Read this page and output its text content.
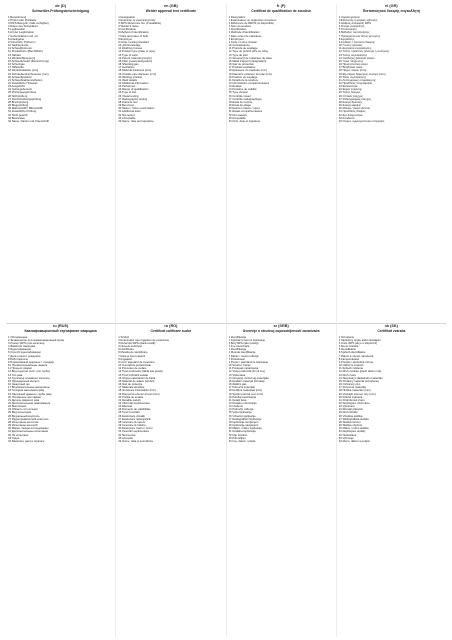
de (D)
Schweißer-Prüfungsbescheinigung
1 Bezeichnung
2 Prüfer oder Prüfstelle
3 WPS Beleg-Nr. (falls verfügbar)
4 Name des Schweißers
5 Legitimation
6 Art der Legitimation
7 Geburtsdatum und -ort
8 Arbeitgeber
9 Vorschrift / Prüfnorm
10 Sachkenntnis
11 Schweißprozess
12 Produktform (Blech/Rohr)
13 Nahtart
14 Werkstoffgruppe(n)
15 Schweißzusatz (Bezeichnung)
16 Schutzgas
17 Hilfsstoffe
18 Werkstückdicke (mm)
19 Rohraußendurchmesser (mm)
20 Schweißposition
21 Schweißnahteinzelheiten
22 Zusätzliche Hinweise
23 Ausgeführt
24 Geltungsbereich
25 Prüfungsergebnisse
26 Sichtprüfung
27 Durchstrahlungsprüfung
28 Bruchprüfung
29 Biegeprüfung
30 Makroschliff / Mikroschliff
31 Zusätzliche Prüfung
32 Nicht geprüft
33 Bestanden
34 Name, Datum und Unterschrift
en (GB)
Welder approval test certificate
1 Designation
2 Examiner or examining body
3 WPS Reference No. (if available)
4 Welder's name
5 Identification
6 Method of identification
7 Date and place of birth
8 Employer
9 Code / testing standard
10 Job knowledge
11 Welding process
12 Product type (plate or pipe)
13 Type of weld
14 Parent material group(s)
15 Filler metal (designation)
16 Shielding gas
17 Auxiliaries
18 Material thickness (mm)
19 Outside pipe diameter (mm)
20 Welding position
21 Weld details
22 Additional information
23 Performed
24 Range of qualification
25 Type of test
26 Visual testing
27 Radiographic testing
28 Fracture test
29 Bend test
30 Macro / micro examination
31 Additional tests
32 Not tested
33 Acceptable
34 Name, date and signature
fr (F)
Certificat de qualification de soudeur
1 Désignation
2 Examinateur ou organisme d'examen
3 Référence du DMOS (si disponible)
4 Nom du soudeur
5 Identification
6 Méthode d'identification
7 Date et lieu de naissance
8 Employeur
9 Code / norme d'essai
10 Connaissance
11 Procédé de soudage
12 Type de produit (tôle ou tube)
13 Type de joint
14 Groupe(s) de matériaux de base
15 Métal d'apport (désignation)
16 Gaz de protection
17 Produits auxiliaires
18 Épaisseur du matériau (mm)
19 Diamètre extérieur du tube (mm)
20 Position de soudage
21 Détails de la soudure
22 Informations complémentaires
23 Réalisé
24 Domaine de validité
25 Type d'essai
26 Contrôle visuel
27 Contrôle radiographique
28 Essai de rupture
29 Essai de pliage
30 Examen macro / micro
31 Essais complémentaires
32 Non essayé
33 Acceptable
34 Nom, date et signature
el (GR)
Πιστοποιητικό δοκιμής συγκολλητή
1 Χαρακτηρισμός
2 Εξεταστής ή φορέας εξέτασης
3 Αριθμός αναφοράς WPS
4 Όνομα συγκολλητή
5 Ταυτοποίηση
6 Μέθοδος ταυτοποίησης
7 Ημερομηνία και τόπος γέννησης
8 Εργοδότης
9 Κώδικας / πρότυπο δοκιμής
10 Γνώση εργασίας
11 Διεργασία συγκόλλησης
12 Τύπος προϊόντος (έλασμα ή σωλήνας)
13 Τύπος συγκόλλησης
14 Ομάδα(ες) βασικού υλικού
15 Υλικό πλήρωσης
16 Προστατευτικό αέριο
17 Βοηθητικά υλικά
18 Πάχος υλικού (mm)
19 Εξωτερική διάμετρος σωλήνα (mm)
20 Θέση συγκόλλησης
21 Λεπτομέρειες συγκόλλησης
22 Πρόσθετες πληροφορίες
23 Εκτελέστηκε
24 Εύρος έγκρισης
25 Τύπος δοκιμής
26 Οπτικός έλεγχος
27 Ραδιογραφικός έλεγχος
28 Δοκιμή θραύσης
29 Δοκιμή κάμψης
30 Μακρο / μικρο εξέταση
31 Πρόσθετες δοκιμές
32 Δεν δοκιμάστηκε
33 Αποδεκτό
34 Όνομα, ημερομηνία και υπογραφή
ru (RUS)
Квалификационный сертификат сварщика
1 Обозначение
2 Экзаменатор или экзаменационный орган
3 Номер WPS (при наличии)
4 Фамилия сварщика
5 Идентификация
6 Способ идентификации
7 Дата и место рождения
8 Работодатель
9 Нормативный документ / стандарт
10 Профессиональные знания
11 Процесс сварки
12 Вид изделия (лист или труба)
13 Тип шва
14 Группа(ы) основного металла
15 Присадочный металл
16 Защитный газ
17 Вспомогательные материалы
18 Толщина материала (мм)
19 Наружный диаметр трубы (мм)
20 Положение при сварке
21 Детали сварного шва
22 Дополнительная информация
23 Выполнено
24 Область аттестации
25 Вид испытания
26 Визуальный контроль
27 Радиографический контроль
28 Испытание на излом
29 Испытание на изгиб
30 Макро / микро исследование
31 Дополнительные испытания
32 Не испытано
33 Годен
34 Фамилия, дата и подпись
ro (RO)
Certificat calificare sudor
1 Simbol
2 Examinator sau organism de examinare
3 Referința WPS (dacă există)
4 Numele sudorului
5 Identificare
6 Metoda de identificare
7 Data și locul nașterii
8 Angajator
9 Cod / standard de încercare
10 Cunoștințe profesionale
11 Procedeu de sudare
12 Tipul produsului (tablă sau țeavă)
13 Tipul îmbinării sudate
14 Grupa materialului de bază
15 Material de adaos (simbol)
16 Gaz de protecție
17 Materiale auxiliare
18 Grosimea materialului (mm)
19 Diametrul exterior al țevii (mm)
20 Poziția de sudare
21 Detaliile sudurii
22 Informații suplimentare
23 Efectuat
24 Domeniu de valabilitate
25 Tipul încercării
26 Examinare vizuală
27 Examinare radiografică
28 Încercare la rupere
29 Încercare la îndoire
30 Examinare macro / micro
31 Încercări suplimentare
32 Neîncercat
33 Acceptat
34 Nume, data și semnătura
sr (SRB)
Uverenje o stručnoj osposobljenosti zavarivača
1 Identifikacija
2 Ispitivač ili telo za ispitivanje
3 Broj WPS (ako postoji)
4 Ime zavarivača
5 Identifikacija
6 Metoda identifikacije
7 Datum i mesto rođenja
8 Poslodavac
9 Propis / standard za ispitivanje
10 Stručno znanje
11 Postupak zavarivanja
12 Vrsta proizvoda (lim ili cev)
13 Vrsta šava
14 Grupa(e) osnovnog materijala
15 Dodatni materijal (oznaka)
16 Zaštitni gas
17 Pomoćni materijali
18 Debljina materijala (mm)
19 Spoljni prečnik cevi (mm)
20 Položaj zavarivanja
21 Detalji šava
22 Dodatne informacije
23 Urađeno
24 Područje važenja
25 Vrsta ispitivanja
26 Vizuelno ispitivanje
27 Radiografsko ispitivanje
28 Ispitivanje lomljenjem
29 Ispitivanje savijanjem
30 Makro / mikro ispitivanje
31 Dodatna ispitivanja
32 Nije ispitano
33 Prihvatljivo
34 Ime, datum i potpis
sk (SK)
Certifikát zvárača
1 Označenie
2 Skúšobný orgán alebo skúšajúci
3 Číslo WPS (ak je k dispozícii)
4 Meno zvárača
5 Identifikácia
6 Spôsob identifikácie
7 Dátum a miesto narodenia
8 Zamestnávateľ
9 Predpis / skúšobná norma
10 Odborné znalosti
11 Spôsob zvárania
12 Druh výrobku (plech alebo rúra)
13 Druh zvaru
14 Skupina(y) základného materiálu
15 Prídavný materiál (označenie)
16 Ochranný plyn
17 Pomocné materiály
18 Hrúbka materiálu (mm)
19 Vonkajší priemer rúry (mm)
20 Poloha zvárania
21 Podrobnosti zvaru
22 Doplňujúce informácie
23 Vykonané
24 Rozsah platnosti
25 Druh skúšky
26 Vizuálna skúška
27 Rádiografická skúška
28 Skúška lomom
29 Skúška ohybom
30 Makro / mikro skúška
31 Doplňujúce skúšky
32 Neskúšané
33 Vyhovuje
34 Meno, dátum a podpis
